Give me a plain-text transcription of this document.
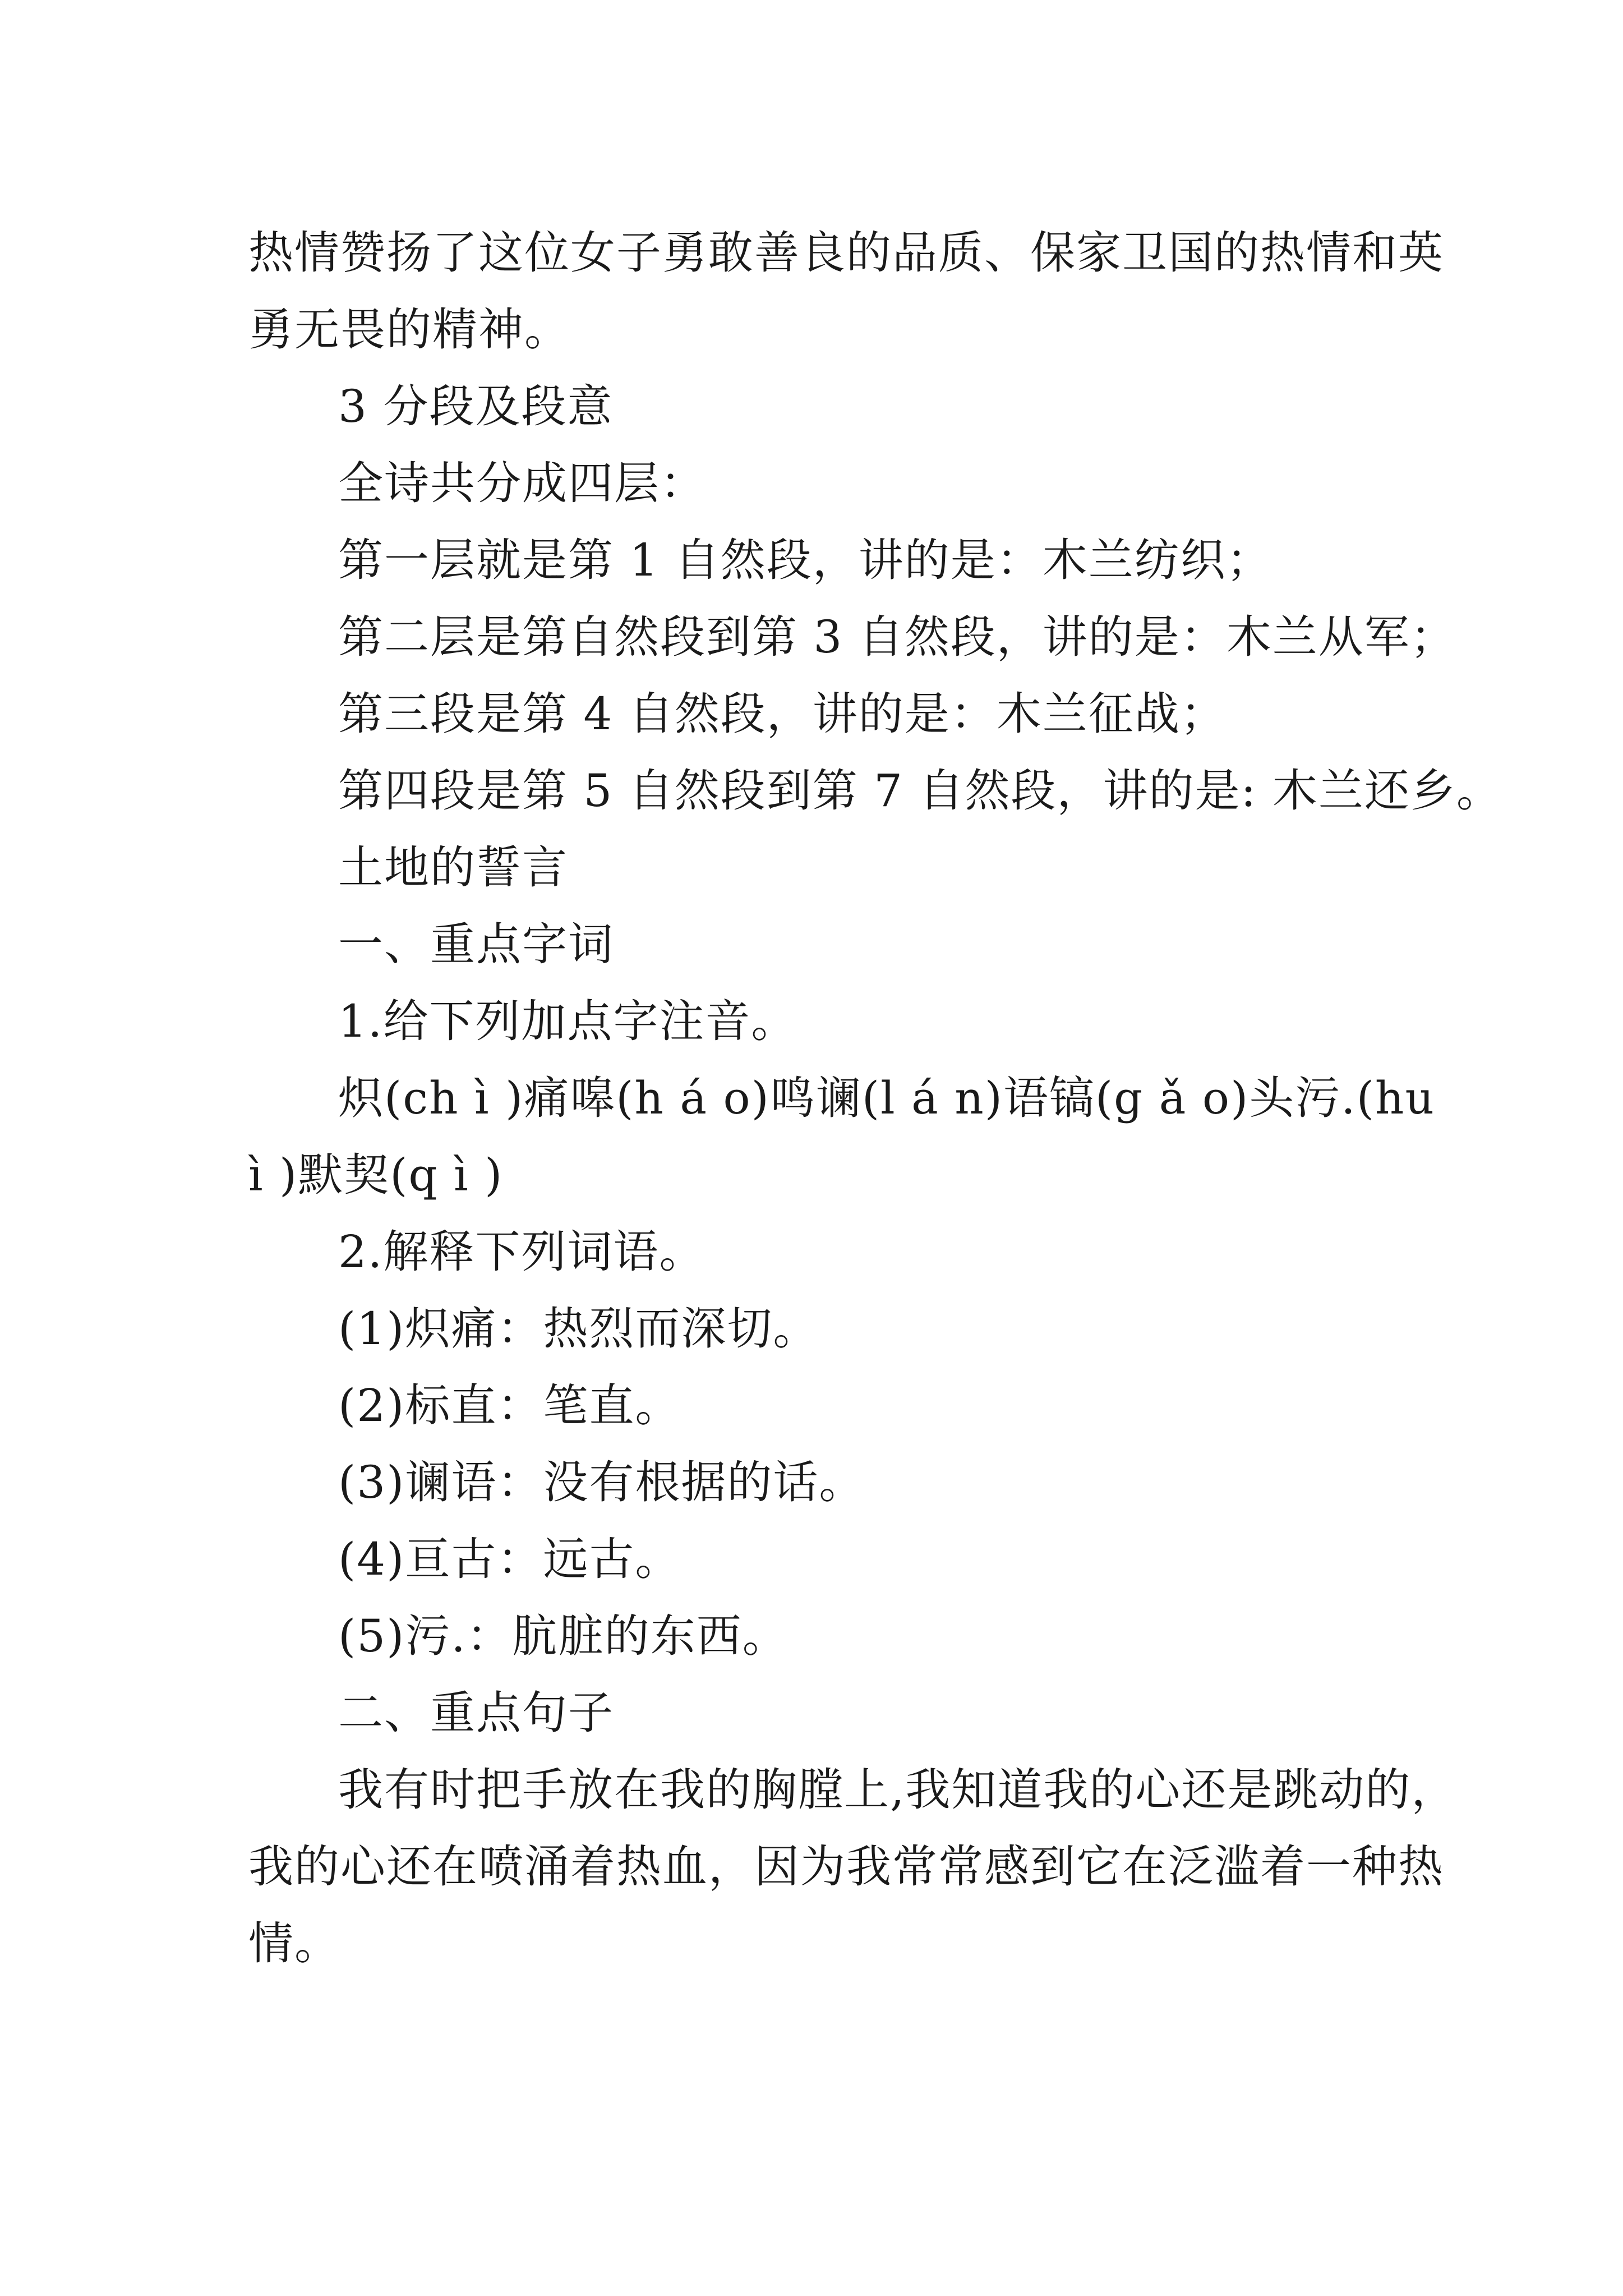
热情赞扬了这位女子勇敢善良的品质、保家卫国的热情和英
勇无畏的精神。
3 分段及段意
全诗共分成四层：
第一层就是第 1 自然段，讲的是：木兰纺织；
第二层是第自然段到第 3 自然段，讲的是：木兰从军；
第三段是第 4 自然段，讲的是：木兰征战；
第四段是第 5 自然段到第 7 自然段，讲的是: 木兰还乡。
土地的誓言
一、重点字词
1.给下列加点字注音。
炽(ch ì )痛嗥(h á o)鸣谰(l á n)语镐(g ǎ o)头污.(hu
ì )默契(q ì )
2.解释下列词语。
(1)炽痛：热烈而深切。
(2)标直：笔直。
(3)谰语：没有根据的话。
(4)亘古：远古。
(5)污.：肮脏的东西。
二、重点句子
我有时把手放在我的胸膛上,我知道我的心还是跳动的，
我的心还在喷涌着热血，因为我常常感到它在泛滥着一种热
情。
